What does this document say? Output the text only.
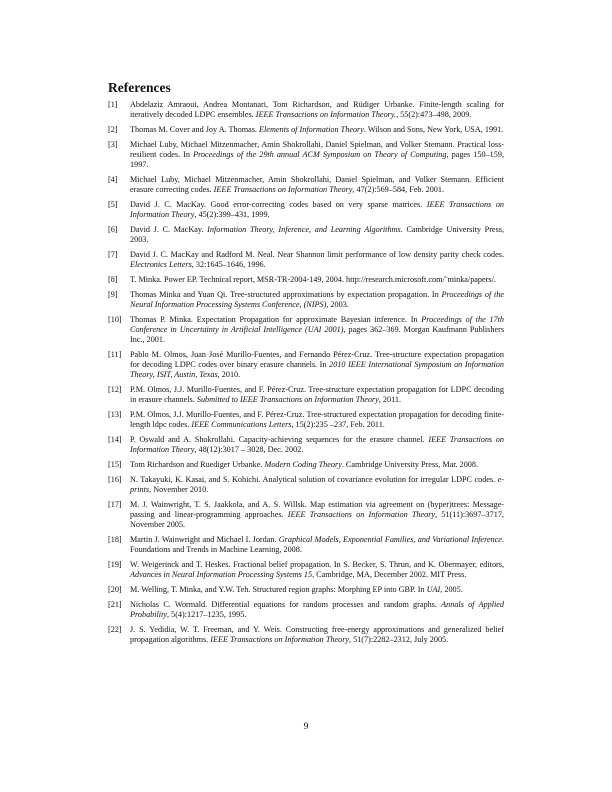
References
[1] Abdelaziz Amraoui, Andrea Montanari, Tom Richardson, and Rüdiger Urbanke. Finite-length scaling for iteratively decoded LDPC ensembles. IEEE Transactions on Information Theory., 55(2):473–498, 2009.
[2] Thomas M. Cover and Joy A. Thomas. Elements of Information Theory. Wilson and Sons, New York, USA, 1991.
[3] Michael Luby, Michael Mitzenmacher, Amin Shokrollahi, Daniel Spielman, and Volker Stemann. Practical loss-resilient codes. In Proceedings of the 29th annual ACM Symposium on Theory of Computing, pages 150–159, 1997.
[4] Michael Luby, Michael Mitzenmacher, Amin Shokrollahi, Daniel Spielman, and Volker Stemann. Efficient erasure correcting codes. IEEE Transactions on Information Theory, 47(2):569–584, Feb. 2001.
[5] David J. C. MacKay. Good error-correcting codes based on very sparse matrices. IEEE Transactions on Information Theory, 45(2):399–431, 1999.
[6] David J. C. MacKay. Information Theory, Inference, and Learning Algorithms. Cambridge University Press, 2003.
[7] David J. C. MacKay and Radford M. Neal. Near Shannon limit performance of low density parity check codes. Electronics Letters, 32:1645–1646, 1996.
[8] T. Minka. Power EP. Technical report, MSR-TR-2004-149, 2004. http://research.microsoft.com/˜minka/papers/.
[9] Thomas Minka and Yuan Qi. Tree-structured approximations by expectation propagation. In Proceedings of the Neural Information Processing Systems Conference, (NIPS), 2003.
[10] Thomas P. Minka. Expectation Propagation for approximate Bayesian inference. In Proceedings of the 17th Conference in Uncertainty in Artificial Intelligence (UAI 2001), pages 362–369. Morgan Kaufmann Publishers Inc., 2001.
[11] Pablo M. Olmos, Juan José Murillo-Fuentes, and Fernando Pérez-Cruz. Tree-structure expectation propagation for decoding LDPC codes over binary erasure channels. In 2010 IEEE International Symposium on Information Theory, ISIT, Austin, Texas, 2010.
[12] P.M. Olmos, J.J. Murillo-Fuentes, and F. Pérez-Cruz. Tree-structure expectation propagation for LDPC decoding in erasure channels. Submitted to IEEE Transactions on Information Theory, 2011.
[13] P.M. Olmos, J.J. Murillo-Fuentes, and F. Pérez-Cruz. Tree-structured expectation propagation for decoding finite-length ldpc codes. IEEE Communications Letters, 15(2):235 –237, Feb. 2011.
[14] P. Oswald and A. Shokrollahi. Capacity-achieving sequences for the erasure channel. IEEE Transactions on Information Theory, 48(12):3017 – 3028, Dec. 2002.
[15] Tom Richardson and Ruediger Urbanke. Modern Coding Theory. Cambridge University Press, Mar. 2008.
[16] N. Takayuki, K. Kasai, and S. Kohichi. Analytical solution of covariance evolution for irregular LDPC codes. e-prints, November 2010.
[17] M. J. Wainwright, T. S. Jaakkola, and A. S. Willsk. Map estimation via agreement on (hyper)trees: Message-passing and linear-programming approaches. IEEE Transactions on Information Theory, 51(11):3697–3717, November 2005.
[18] Martin J. Wainwright and Michael I. Jordan. Graphical Models, Exponential Families, and Variational Inference. Foundations and Trends in Machine Learning, 2008.
[19] W. Weigerinck and T. Heskes. Fractional belief propagation. In S. Becker, S. Thrun, and K. Obermayer, editors, Advances in Neural Information Processing Systems 15, Cambridge, MA, December 2002. MIT Press.
[20] M. Welling, T. Minka, and Y.W. Teh. Structured region graphs: Morphing EP into GBP. In UAI, 2005.
[21] Nicholas C. Wormald. Differential equations for random processes and random graphs. Annals of Applied Probability, 5(4):1217–1235, 1995.
[22] J. S. Yedidia, W. T. Freeman, and Y. Weis. Constructing free-energy approximations and generalized belief propagation algorithms. IEEE Transactions on Information Theory, 51(7):2282–2312, July 2005.
9
